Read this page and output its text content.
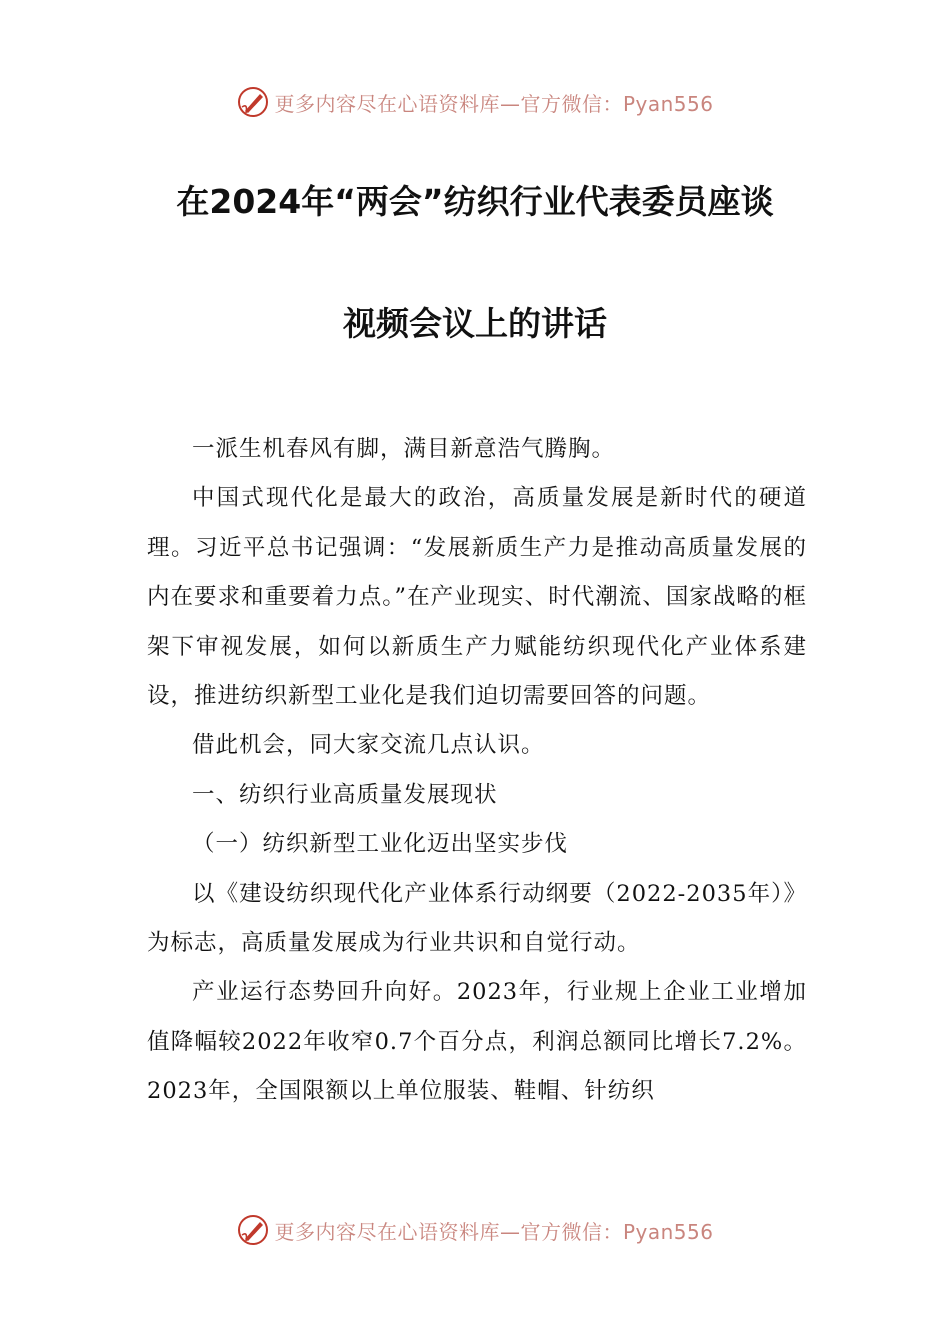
更多内容尽在心语资料库—官方微信：Pyan556
在2024年“两会”纺织行业代表委员座谈
视频会议上的讲话

一派生机春风有脚，满目新意浩气腾胸。

中国式现代化是最大的政治，高质量发展是新时代的硬道理。习近平总书记强调：“发展新质生产力是推动高质量发展的内在要求和重要着力点。”在产业现实、时代潮流、国家战略的框架下审视发展，如何以新质生产力赋能纺织现代化产业体系建设，推进纺织新型工业化是我们迫切需要回答的问题。

借此机会，同大家交流几点认识。

一、纺织行业高质量发展现状

（一）纺织新型工业化迈出坚实步伐

以《建设纺织现代化产业体系行动纲要（2022-2035年）》为标志，高质量发展成为行业共识和自觉行动。

产业运行态势回升向好。2023年，行业规上企业工业增加值降幅较2022年收窄0.7个百分点，利润总额同比增长7.2%。2023年，全国限额以上单位服装、鞋帽、针纺织

更多内容尽在心语资料库—官方微信：Pyan556
